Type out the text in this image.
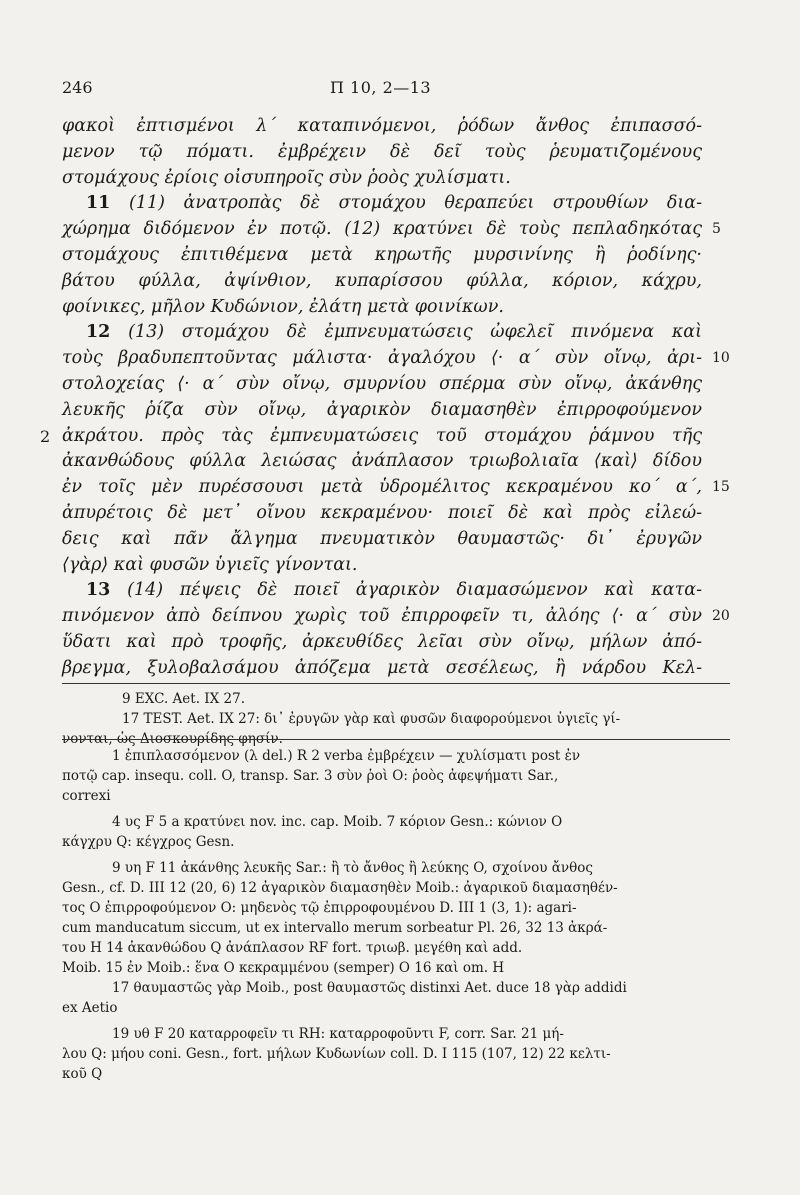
246	Π 10, 2—13
φακοὶ ἐπτισμένοι λ΄ καταπινόμενοι, ῥόδων ἄνθος ἐπιπασσό-
μενον τῷ πόματι. ἐμβρέχειν δὲ δεῖ τοὺς ῥευματιζομένους
στομάχους ἐρίοις οἰσυπηροῖς σὺν ῥοὸς χυλίσματι.
11 (11) ἀνατροπὰς δὲ στομάχου θεραπεύει στρουθίων δια-
χώρημα διδόμενον ἐν ποτῷ. (12) κρατύνει δὲ τοὺς πεπλαδηκότας 5
στομάχους ἐπιτιθέμενα μετὰ κηρωτῆς μυρσινίνης ἢ ῥοδίνης·
βάτου φύλλα, ἀψίνθιον, κυπαρίσσου φύλλα, κόριον, κάχρυ,
φοίνικες, μῆλον Κυδώνιον, ἐλάτη μετὰ φοινίκων.
12 (13) στομάχου δὲ ἐμπνευματώσεις ὠφελεῖ πινόμενα καὶ
τοὺς βραδυπεπτοῦντας μάλιστα· ἀγαλόχου ⟨· α΄ σὺν οἴνῳ, ἀρι- 10
στολοχείας ⟨· α΄ σὺν οἴνῳ, σμυρνίου σπέρμα σὺν οἴνῳ, ἀκάνθης
λευκῆς ῥίζα σὺν οἴνῳ, ἀγαρικὸν διαμασηθὲν ἐπιρροφούμενον
2 ἀκράτου. πρὸς τὰς ἐμπνευματώσεις τοῦ στομάχου ῥάμνου τῆς
ἀκανθώδους φύλλα λειώσας ἀνάπλασον τριωβολιαῖα ⟨καὶ⟩ δίδου
ἐν τοῖς μὲν πυρέσσουσι μετὰ ὑδρομέλιτος κεκραμένου κο΄ α΄, 15
ἀπυρέτοις δὲ μετ᾽ οἴνου κεκραμένου· ποιεῖ δὲ καὶ πρὸς εἰλεώ-
δεις καὶ πᾶν ἄλγημα πνευματικὸν θαυμαστῶς· δι᾽ ἐρυγῶν
⟨γὰρ⟩ καὶ φυσῶν ὑγιεῖς γίνονται.
13 (14) πέψεις δὲ ποιεῖ ἀγαρικὸν διαμασώμενον καὶ κατα-
πινόμενον ἀπὸ δείπνου χωρὶς τοῦ ἐπιρροφεῖν τι, ἀλόης ⟨· α΄ σὺν 20
ὕδατι καὶ πρὸ τροφῆς, ἀρκευθίδες λεῖαι σὺν οἴνῳ, μήλων ἀπό-
βρεγμα, ξυλοβαλσάμου ἀπόζεμα μετὰ σεσέλεως, ἢ νάρδου Κελ-
9 EXC. Aet. IX 27.
17 TEST. Aet. IX 27: δι᾽ ἐρυγῶν γὰρ καὶ φυσῶν διαφορούμενοι ὑγιεῖς γί-
νονται, ὡς Διοσκουρίδης φησίν.
1 ἐπιπλασσόμενον (λ del.) R 2 verba ἐμβρέχειν — χυλίσματι post ἐν
ποτῷ cap. insequ. coll. O, transp. Sar. 3 σὺν ῥοὶ O: ῥοὸς ἀφεψήματι Sar.,
correxi
4 υς F 5 a κρατύνει nov. inc. cap. Moib. 7 κόριον Gesn.: κώνιον O
κάγχρυ Q: κέγχρος Gesn.
9 υη F 11 ἀκάνθης λευκῆς Sar.: ἢ τὸ ἄνθος ἢ λεύκης O, σχοίνου ἄνθος
Gesn., cf. D. III 12 (20, 6) 12 ἀγαρικὸν διαμασηθὲν Moib.: ἀγαρικοῦ διαμασηθέν-
τος O ἐπιρροφούμενον O: μηδενὸς τῷ ἐπιρροφουμένου D. III 1 (3, 1): agari-
cum manducatum siccum, ut ex intervallo merum sorbeatur Pl. 26, 32 13 ἀκρά-
του H 14 ἀκανθώδου Q ἀνάπλασον RF fort. τριωβ. μεγέθη καὶ add.
Moib. 15 ἐν Moib.: ἕνα O κεκραμμένου (semper) O 16 καὶ om. H
17 θαυμαστῶς γὰρ Moib., post θαυμαστῶς distinxi Aet. duce 18 γὰρ addidi
ex Aetio
19 υθ F 20 καταρροφεῖν τι RH: καταρροφοῦντι F, corr. Sar. 21 μή-
λου Q: μήου coni. Gesn., fort. μήλων Κυδωνίων coll. D. I 115 (107, 12) 22 κελτι-
κοῦ Q
